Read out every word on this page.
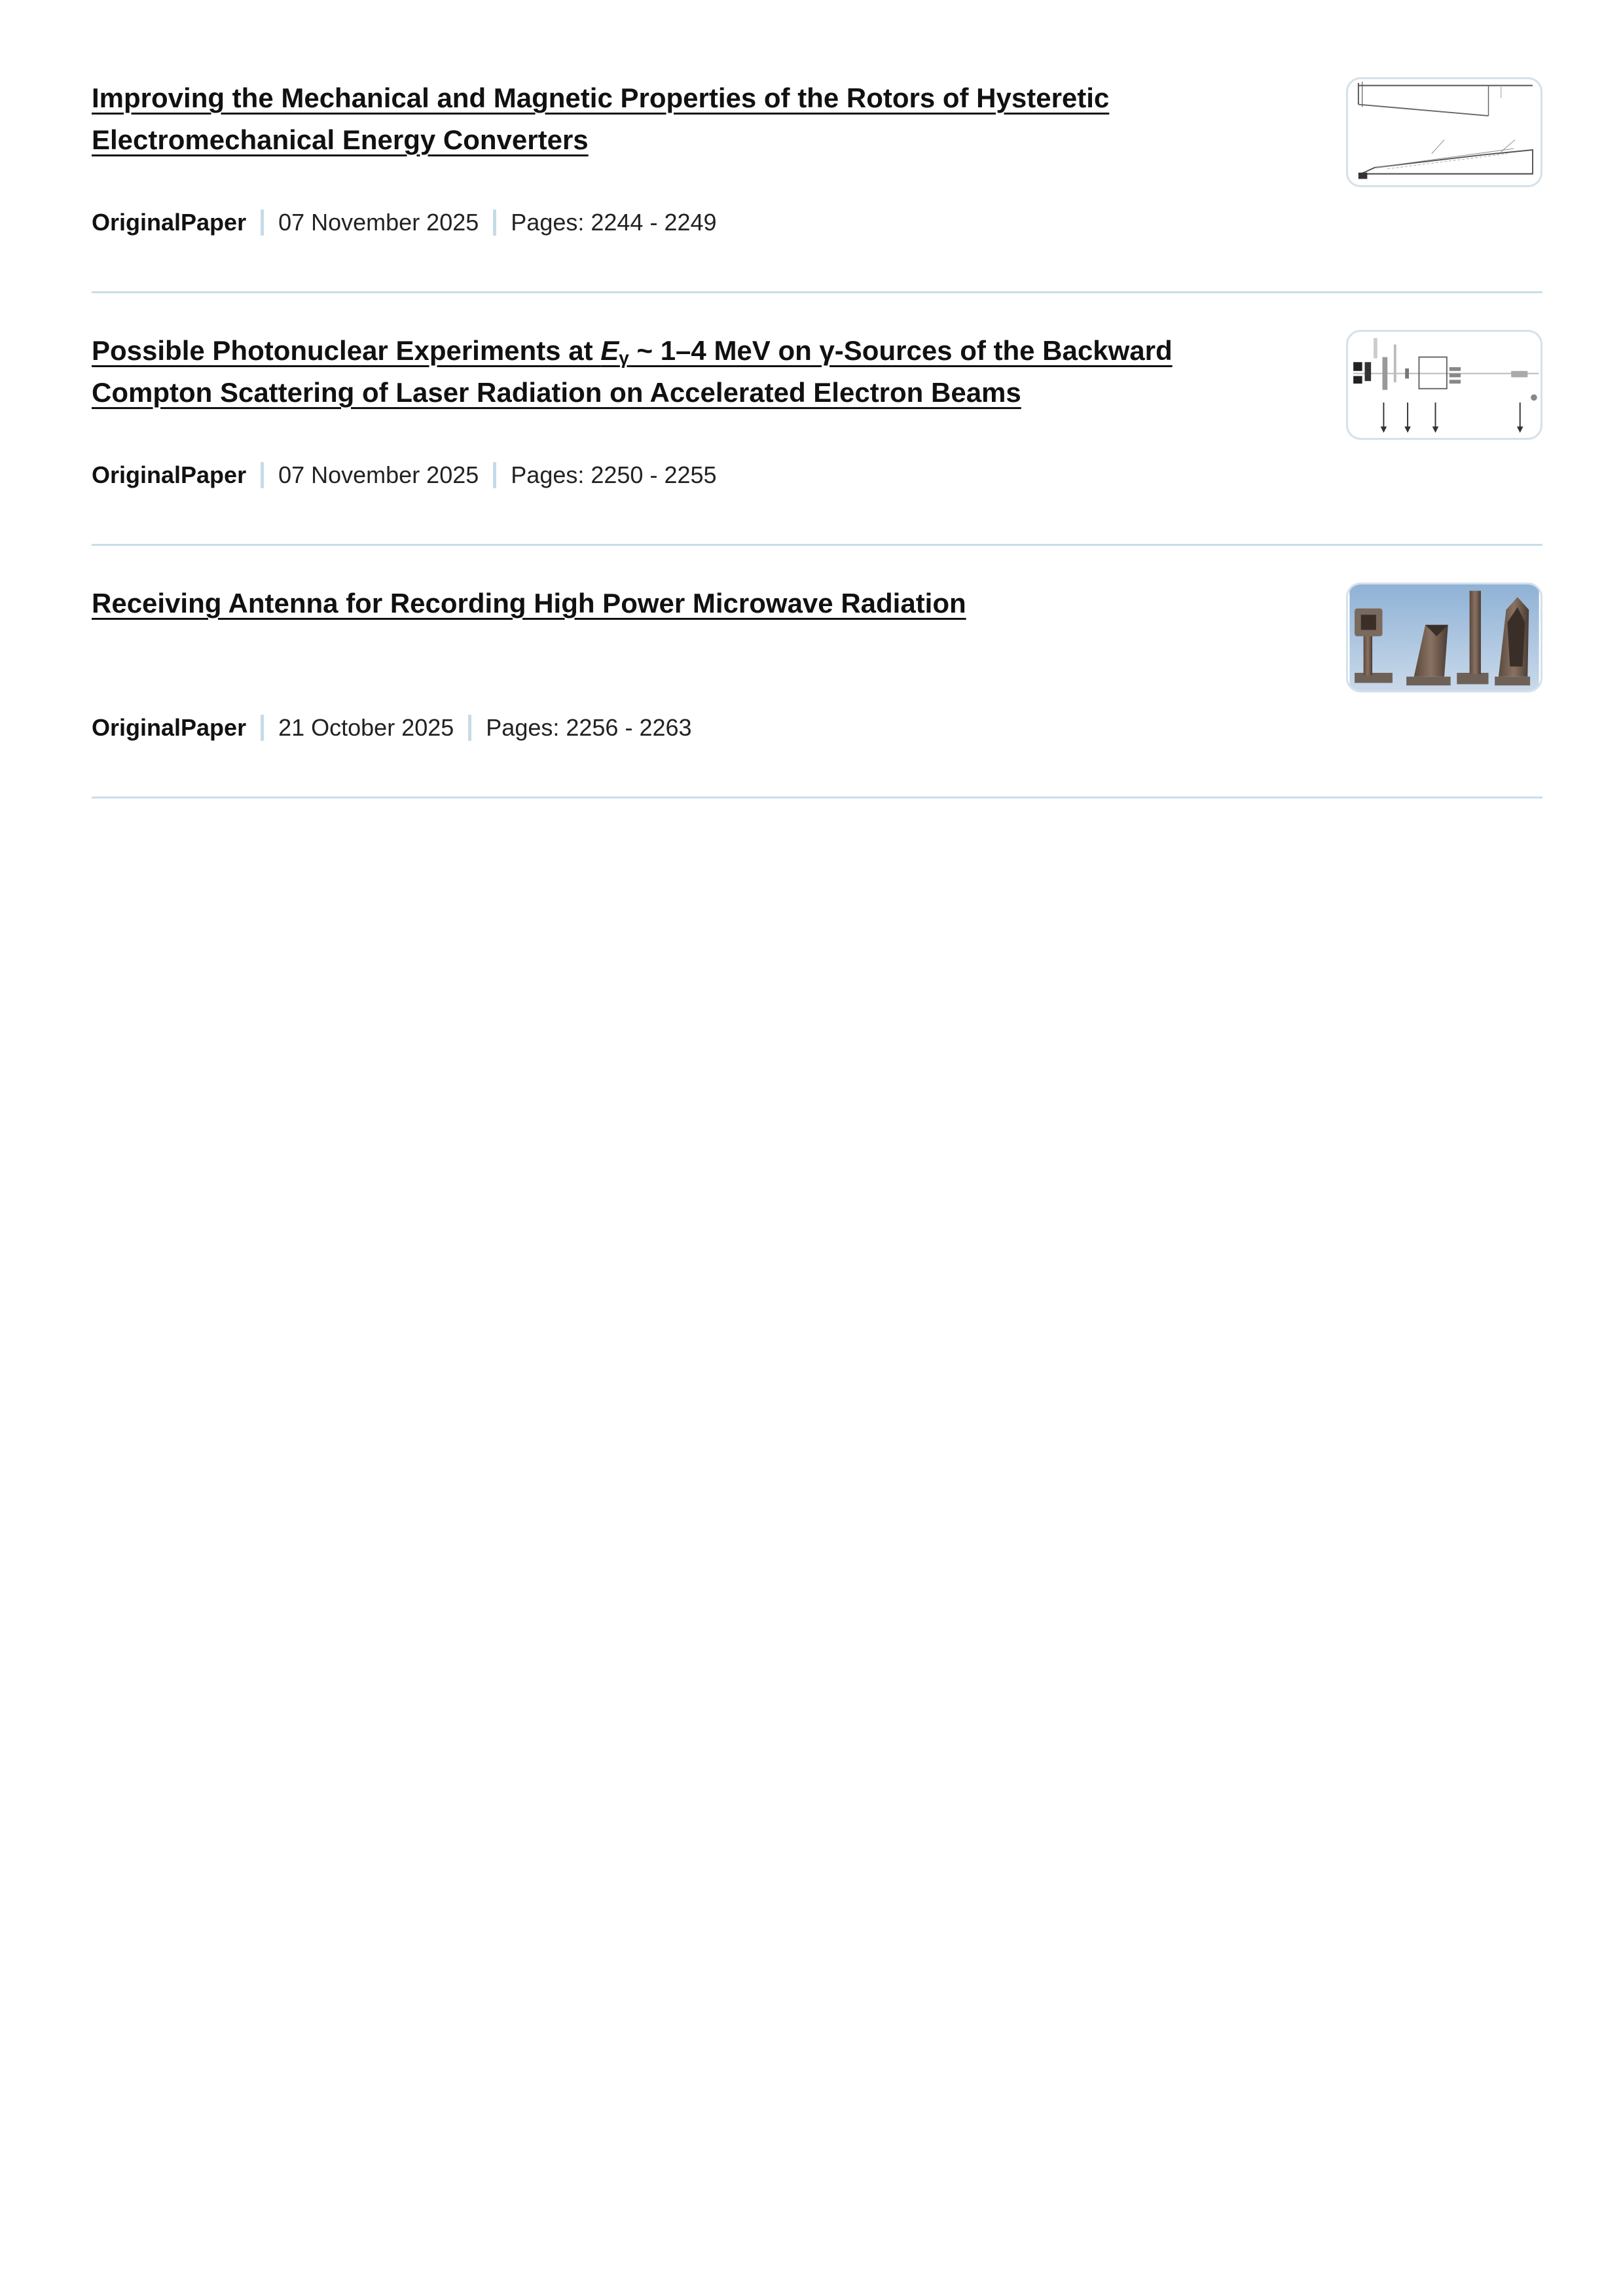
Improving the Mechanical and Magnetic Properties of the Rotors of Hysteretic Electromechanical Energy Converters
OriginalPaper 07 November 2025 Pages: 2244 - 2249
Possible Photonuclear Experiments at $E_\gamma$ ~ 1–4 MeV on γ-Sources of the Backward Compton Scattering of Laser Radiation on Accelerated Electron Beams
OriginalPaper 07 November 2025 Pages: 2250 - 2255
Receiving Antenna for Recording High Power Microwave Radiation
OriginalPaper 21 October 2025 Pages: 2256 - 2263
